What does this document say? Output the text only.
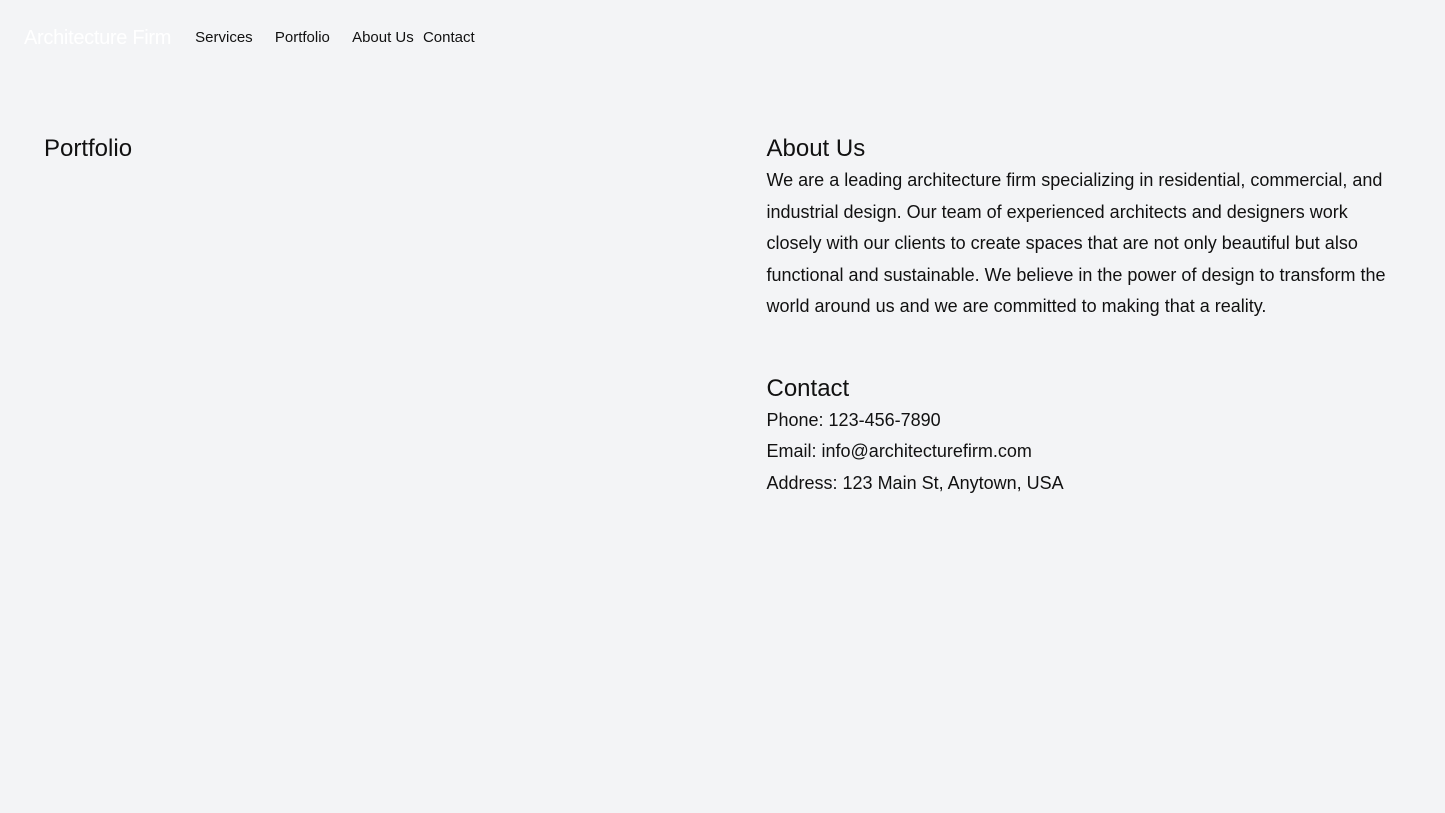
Architecture Firm Services Portfolio About Us Contact
Portfolio	About Us

We are a leading architecture firm specializing in residential, commercial, and industrial design. Our team of experienced architects and designers work closely with our clients to create spaces that are not only beautiful but also functional and sustainable. We believe in the power of design to transform the world around us and we are committed to making that a reality.

Contact
Phone: 123-456-7890
Email: info@architecturefirm.com
Address: 123 Main St, Anytown, USA
